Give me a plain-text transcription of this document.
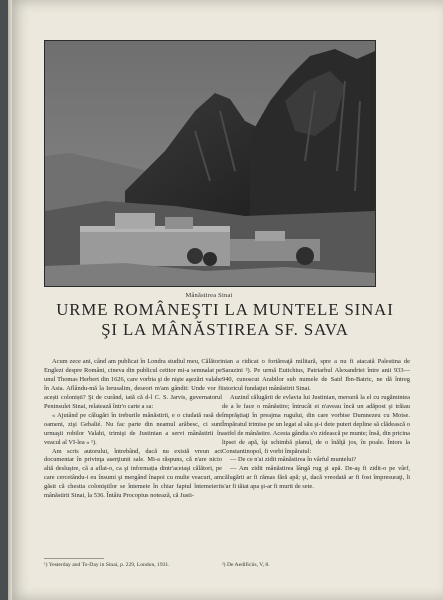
Mânăstirea Sinai
URME ROMÂNEŞTI LA MUNTELE SINAI
ŞI LA MÂNĂSTIREA SF. SAVA

Acum zece ani, când am publicat în Londra studiul meu, Călători Englezi despre Români, cineva din publicul cetitor mi-a semnalat pe unul Thomas Herbert din 1626, care vorbia şi de nişte aşezări valahe în Asia. Aflându-mă la Ierusalim, deseori m'am gândit: Unde vor fi acești coloniști? Şi de curând, iată că d-l C. S. Jarvis, guvernatorul Peninsulei Sinai, relatează într'o carte a sa:

« Ajutând pe călugări în treburile mânăstirii, e o ciudată rasă de oameni, zişi Gebalié. Nu fac parte din neamul arăbesc, ci sunt urmaşii robilor Valahi, trimişi de Justinian a servi mânăstirii în veacul al VI-lea » ¹).

Am scris autorului, întrebând, dacă nu există vreun act documentar în privinţa aserţiunii sale. Mi-a răspuns, că n'are nicio altă deslușire, că a aflat-o, ca şi informația dintr'aceiaşi călători, pe care cercetându-i eu însumi şi mergând înapoi cu multe veacuri, am găsit că chestia coloniştilor se întemeie în chiar faptul întemeierii mânăstirii Sinai, la 536. Întâiu Procopius notează, că Justi-

nian a ridicat o fortăreaţă militară, spre a nu fi atacată Palestina de Sarazini ²). Pe urmă Eutichius, Patriarhul Alexandriei între anii 933—940, cunoscut Arabilor sub numele de Said Ibn-Batric, ne dă întreg istoricul fundaţiei mânăstirii Sinai.

Auzind călugării de evlavia lui Justinian, merseră la el cu rugămintea de a le face o mânăstire; întrucât ei n'aveau încă un adăpost şi trăiau împrăştiaţi în preajma rugului, din care vorbise Dumnezeu cu Moise. Împăratul trimise pe un legat al său şi-i dete puteri depline să clădească o astfel de mânăstire. Acesta gândia s'o zidească pe munte; însă, din pricina lipsei de apă, îşi schimbă planul, de o înălţă jos, în poale. Întors la Constantinopol, fi vorbi împăratul:

— De ce n'ai zidit mânăstirea în vârful muntelui?

— Am zidit mânăstirea lângă rug şi apă. De-aş fi zidit-o pe vârf, călugării ar fi rămas fără apă; şi, dacă vreodată ar fi fost împresuraţi, li s'ar fi tăiat apa şi-ar fi murit de sete.

¹) Yesterday and To-Day in Sinai, p. 229, London, 1931.	²) De Aedificiis, V, 8.
